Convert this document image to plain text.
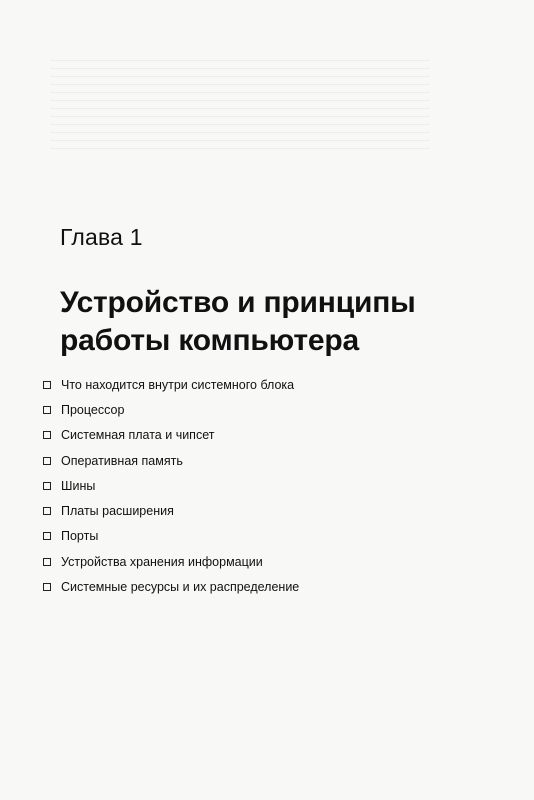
Глава 1
Устройство и принципы
работы компьютера
Что находится внутри системного блока
Процессор
Системная плата и чипсет
Оперативная память
Шины
Платы расширения
Порты
Устройства хранения информации
Системные ресурсы и их распределение
